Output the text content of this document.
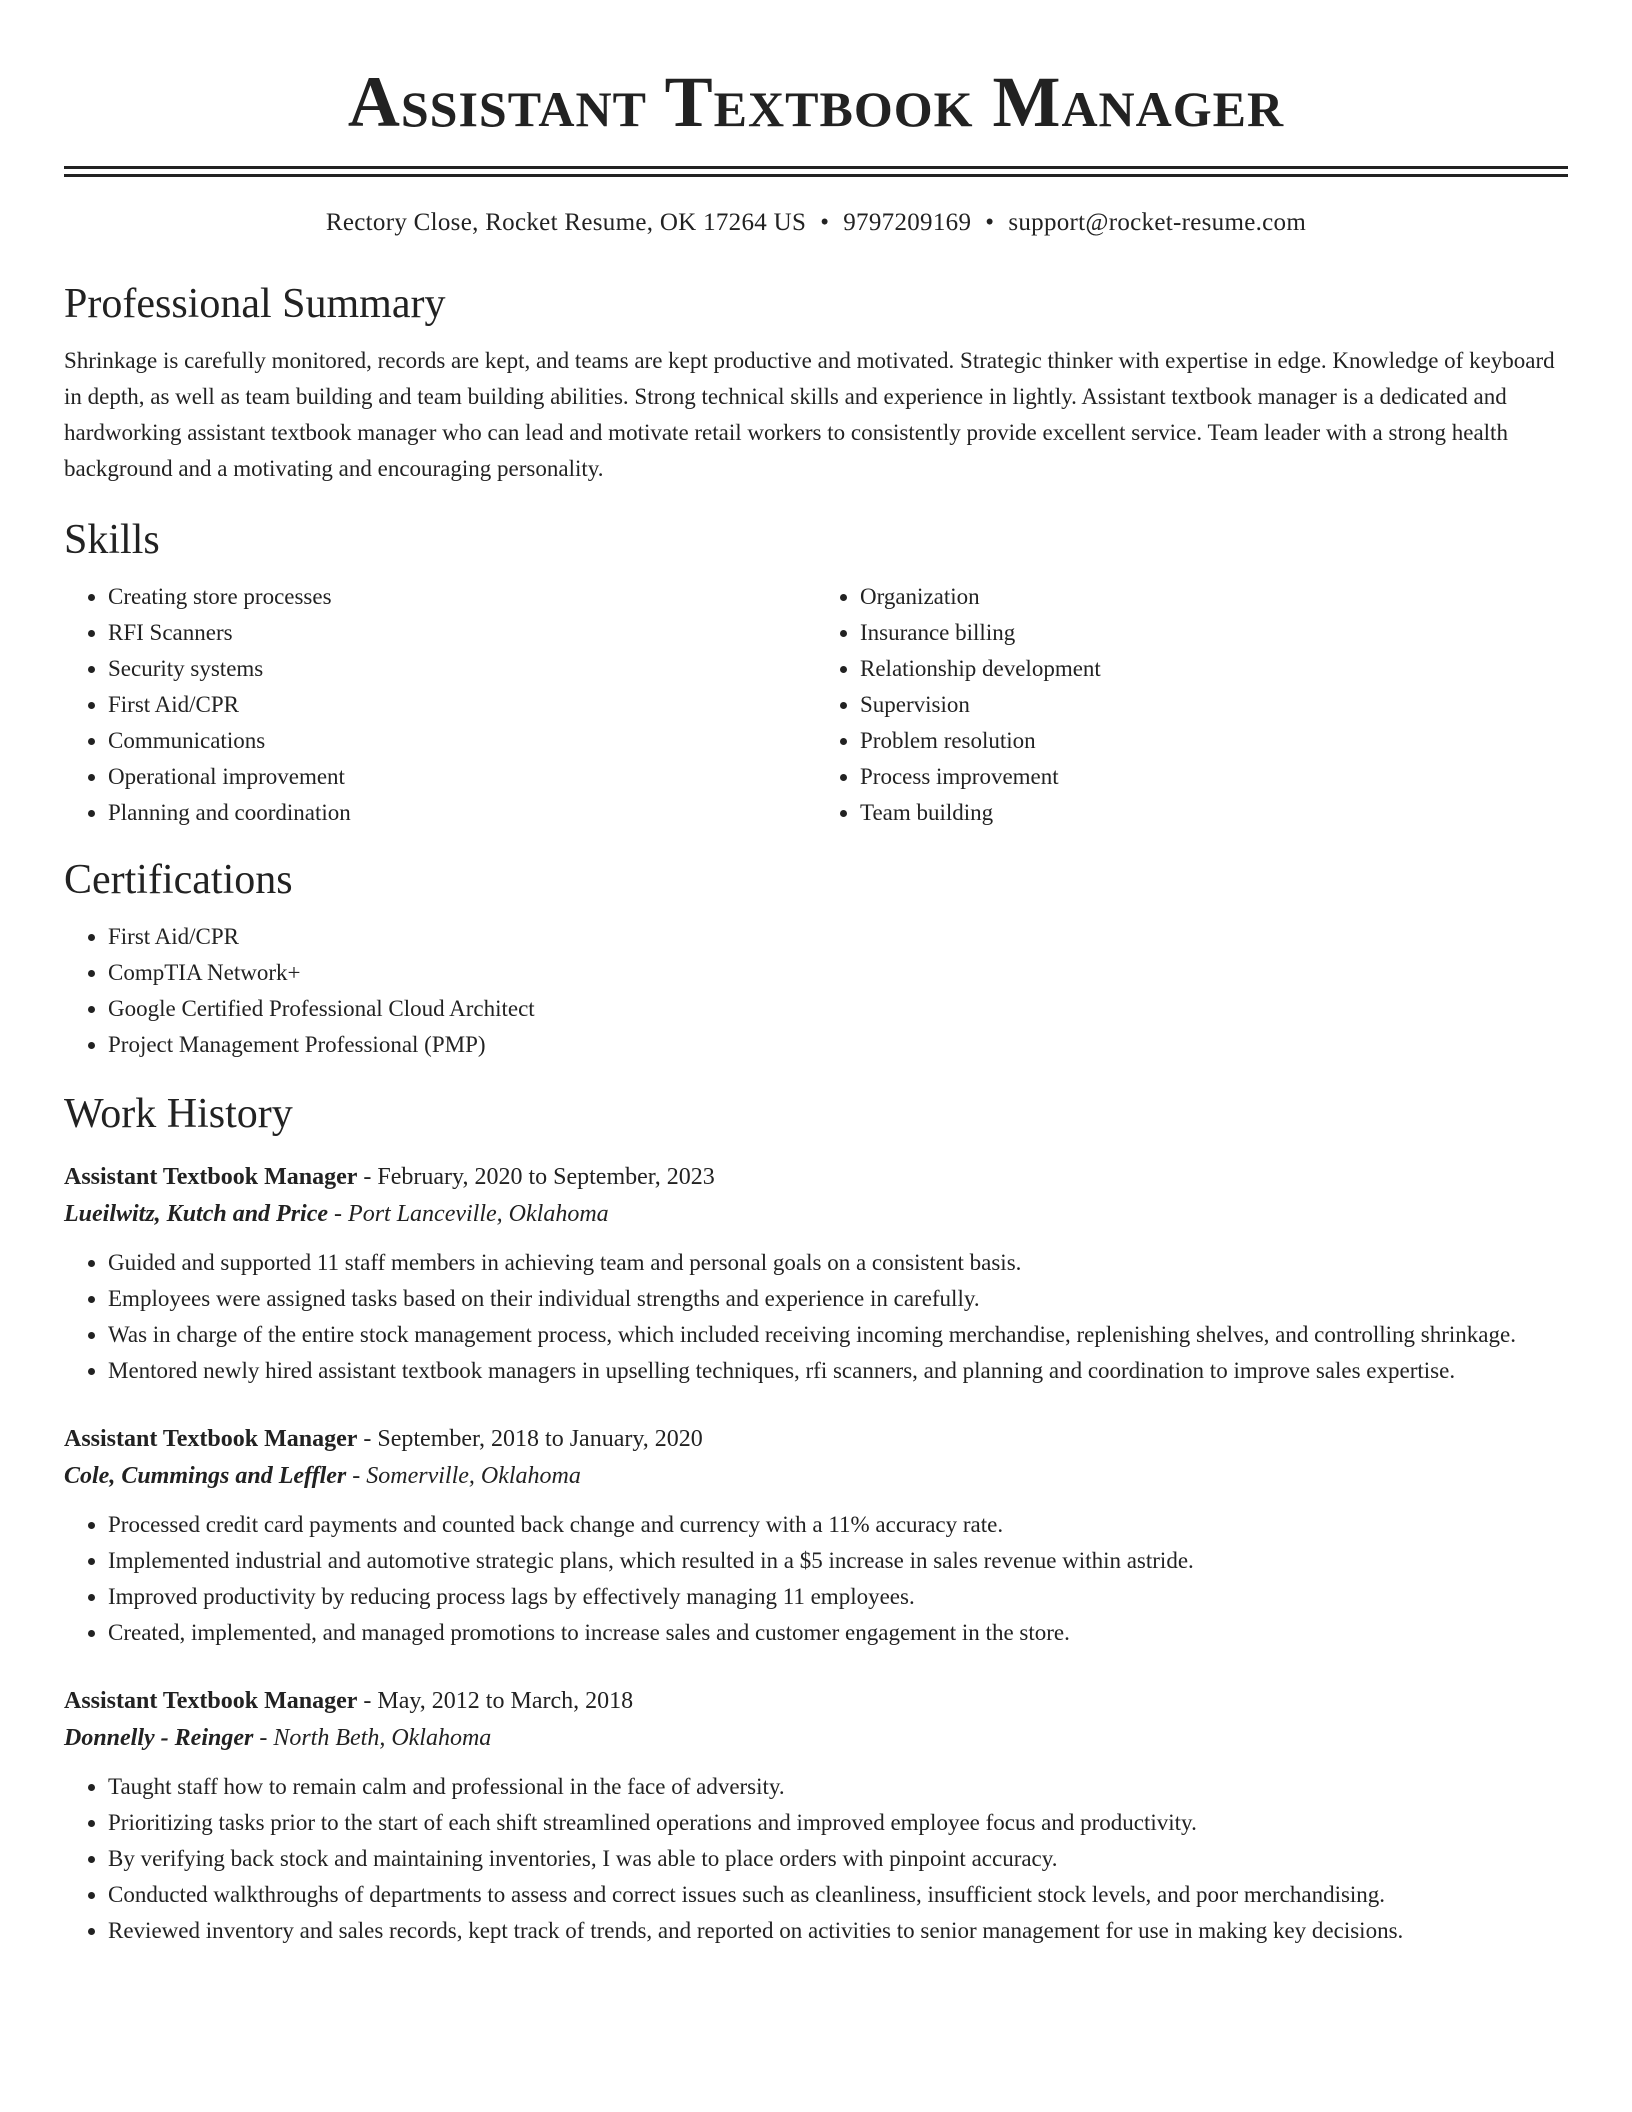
Assistant Textbook Manager
Rectory Close, Rocket Resume, OK 17264 US • 9797209169 • support@rocket-resume.com
Professional Summary

Shrinkage is carefully monitored, records are kept, and teams are kept productive and motivated. Strategic thinker with expertise in edge. Knowledge of keyboard in depth, as well as team building and team building abilities. Strong technical skills and experience in lightly. Assistant textbook manager is a dedicated and hardworking assistant textbook manager who can lead and motivate retail workers to consistently provide excellent service. Team leader with a strong health background and a motivating and encouraging personality.

Skills
• Creating store processes
• RFI Scanners
• Security systems
• First Aid/CPR
• Communications
• Operational improvement
• Planning and coordination
• Organization
• Insurance billing
• Relationship development
• Supervision
• Problem resolution
• Process improvement
• Team building
Certifications
• First Aid/CPR
• CompTIA Network+
• Google Certified Professional Cloud Architect
• Project Management Professional (PMP)
Work History
Assistant Textbook Manager - February, 2020 to September, 2023
Lueilwitz, Kutch and Price - Port Lanceville, Oklahoma
• Guided and supported 11 staff members in achieving team and personal goals on a consistent basis.
• Employees were assigned tasks based on their individual strengths and experience in carefully.
• Was in charge of the entire stock management process, which included receiving incoming merchandise, replenishing shelves, and controlling shrinkage.
• Mentored newly hired assistant textbook managers in upselling techniques, rfi scanners, and planning and coordination to improve sales expertise.
Assistant Textbook Manager - September, 2018 to January, 2020
Cole, Cummings and Leffler - Somerville, Oklahoma
• Processed credit card payments and counted back change and currency with a 11% accuracy rate.
• Implemented industrial and automotive strategic plans, which resulted in a $5 increase in sales revenue within astride.
• Improved productivity by reducing process lags by effectively managing 11 employees.
• Created, implemented, and managed promotions to increase sales and customer engagement in the store.
Assistant Textbook Manager - May, 2012 to March, 2018
Donnelly - Reinger - North Beth, Oklahoma
• Taught staff how to remain calm and professional in the face of adversity.
• Prioritizing tasks prior to the start of each shift streamlined operations and improved employee focus and productivity.
• By verifying back stock and maintaining inventories, I was able to place orders with pinpoint accuracy.
• Conducted walkthroughs of departments to assess and correct issues such as cleanliness, insufficient stock levels, and poor merchandising.
• Reviewed inventory and sales records, kept track of trends, and reported on activities to senior management for use in making key decisions.
